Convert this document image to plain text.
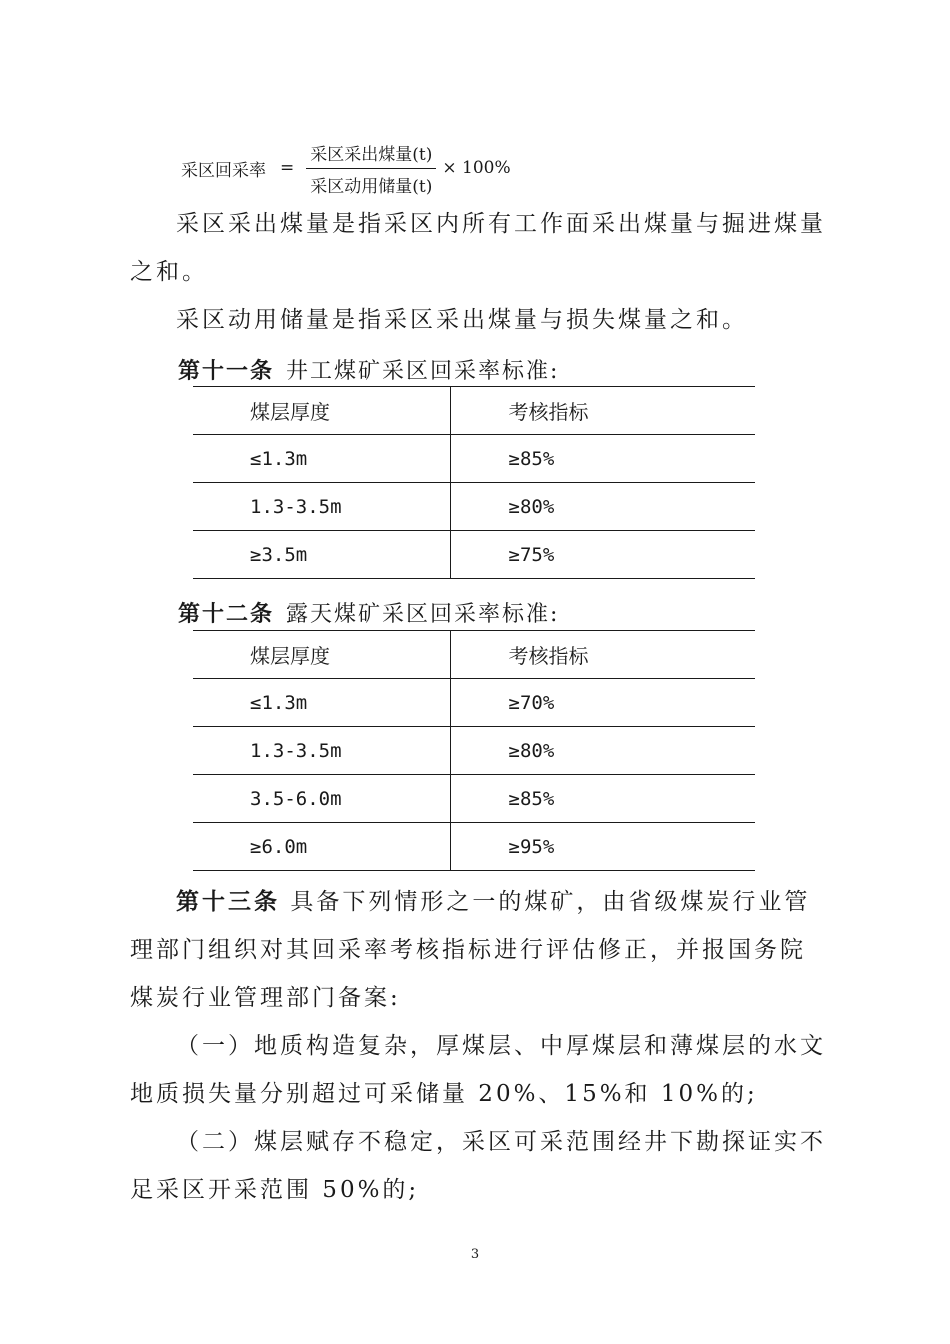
采区回采率 = $\frac{\text{采区采出煤量(t)}}{\text{采区动用储量(t)}} \times 100\%$

采区采出煤量是指采区内所有工作面采出煤量与掘进煤量之和。

采区动用储量是指采区采出煤量与损失煤量之和。

第十一条 井工煤矿采区回采率标准:

煤层厚度	考核指标
≤1.3m	≥85%
1.3-3.5m	≥80%
≥3.5m	≥75%

第十二条 露天煤矿采区回采率标准:

煤层厚度	考核指标
≤1.3m	≥70%
1.3-3.5m	≥80%
3.5-6.0m	≥85%
≥6.0m	≥95%

第十三条 具备下列情形之一的煤矿，由省级煤炭行业管理部门组织对其回采率考核指标进行评估修正，并报国务院煤炭行业管理部门备案:

（一）地质构造复杂，厚煤层、中厚煤层和薄煤层的水文地质损失量分别超过可采储量 20%、15%和 10%的;

（二）煤层赋存不稳定，采区可采范围经井下勘探证实不足采区开采范围 50%的;

3
